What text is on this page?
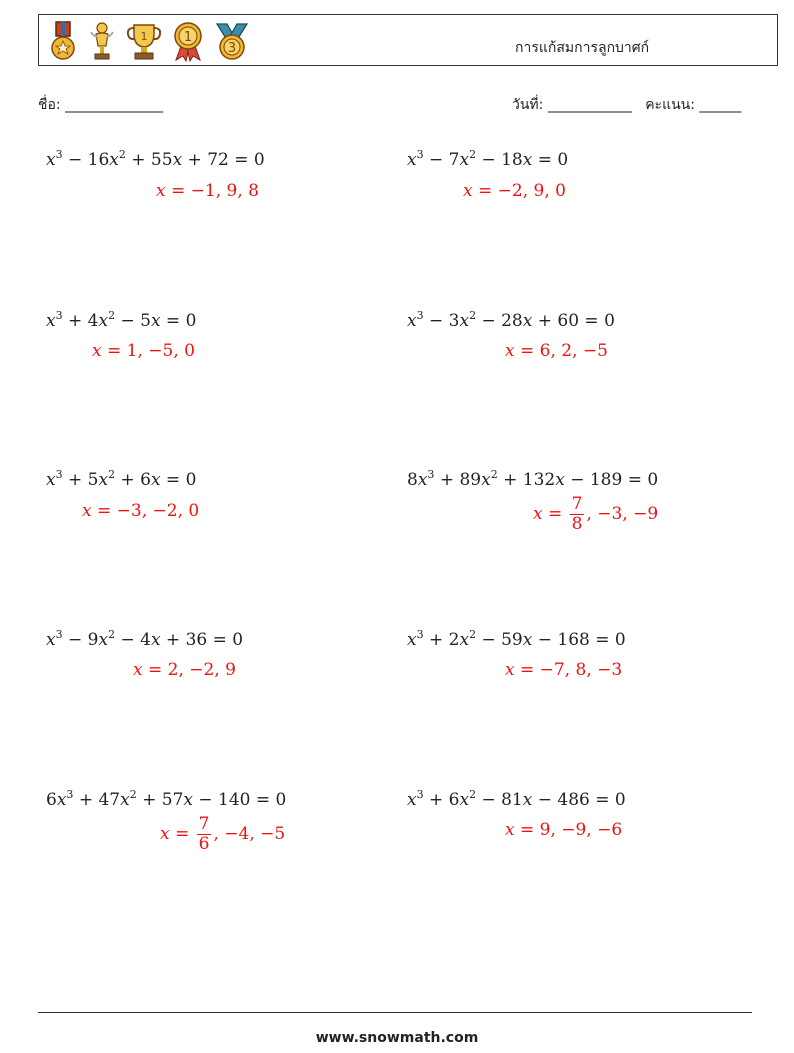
1	1
3	การแก้สมการลูกบาศก์
ชื่อ: ______________	วันที่: ____________ คะแนน: ______
$x^3 - 16x^2 + 55x + 72 = 0$
x = −1, 9, 8
$x^3 - 7x^2 - 18x = 0$
x = −2, 9, 0
$x^3 + 4x^2 - 5x = 0$
x = 1, −5, 0
$x^3 - 3x^2 - 28x + 60 = 0$
x = 6, 2, −5
$x^3 + 5x^2 + 6x = 0$
x = −3, −2, 0
$8x^3 + 89x^2 + 132x - 189 = 0$
$x = \frac{7}{8}$ , −3, −9
$x^3 - 9x^2 - 4x + 36 = 0$
x = 2, −2, 9
$x^3 + 2x^2 - 59x - 168 = 0$
x = −7, 8, −3
$6x^3 + 47x^2 + 57x - 140 = 0$
$x = \frac{7}{6}$ , −4, −5
$x^3 + 6x^2 - 81x - 486 = 0$
x = 9, −9, −6
www.snowmath.com
